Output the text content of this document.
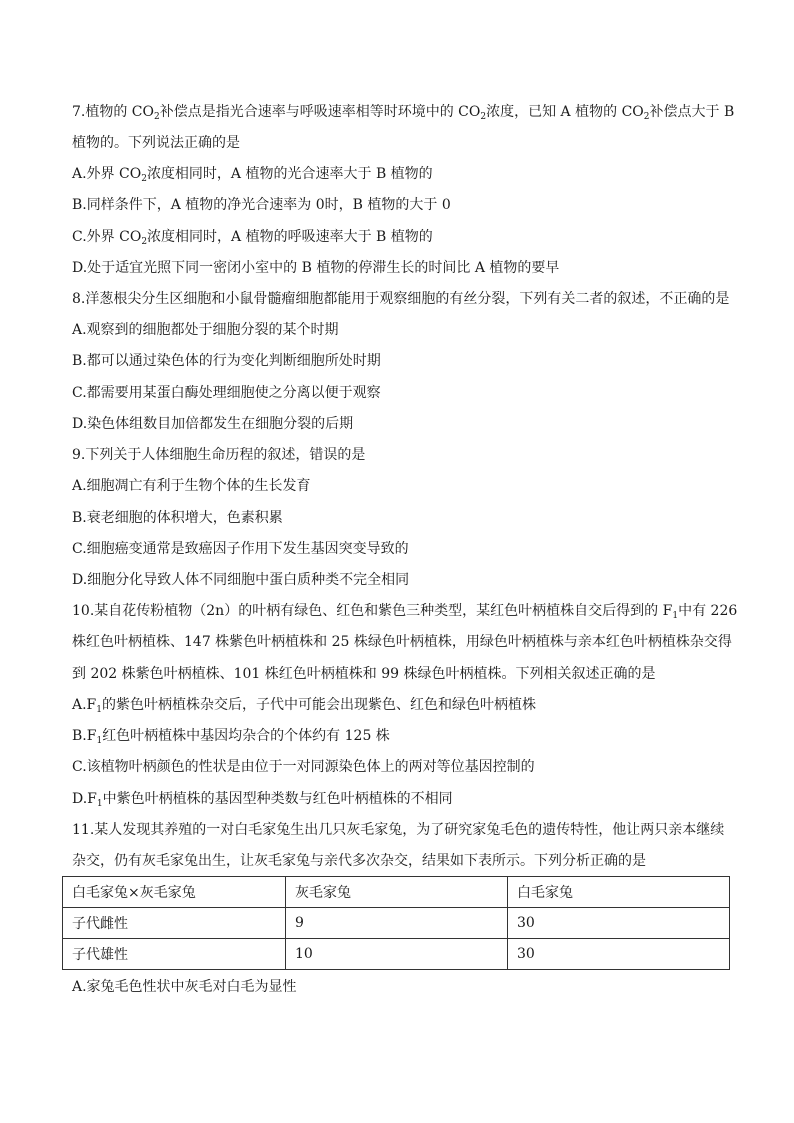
7.植物的 $CO_2$补偿点是指光合速率与呼吸速率相等时环境中的 $CO_2$浓度，已知 A 植物的 $CO_2$补偿点大于 B
植物的。下列说法正确的是
A.外界 $CO_2$浓度相同时，A 植物的光合速率大于 B 植物的
B.同样条件下，A 植物的净光合速率为 0时，B 植物的大于 0
C.外界 $CO_2$浓度相同时，A 植物的呼吸速率大于 B 植物的
D.处于适宜光照下同一密闭小室中的 B 植物的停滞生长的时间比 A 植物的要早
8.洋葱根尖分生区细胞和小鼠骨髓瘤细胞都能用于观察细胞的有丝分裂，下列有关二者的叙述，不正确的是
A.观察到的细胞都处于细胞分裂的某个时期
B.都可以通过染色体的行为变化判断细胞所处时期
C.都需要用某蛋白酶处理细胞使之分离以便于观察
D.染色体组数目加倍都发生在细胞分裂的后期
9.下列关于人体细胞生命历程的叙述，错误的是
A.细胞凋亡有利于生物个体的生长发育
B.衰老细胞的体积增大，色素积累
C.细胞癌变通常是致癌因子作用下发生基因突变导致的
D.细胞分化导致人体不同细胞中蛋白质种类不完全相同
10.某自花传粉植物（2n）的叶柄有绿色、红色和紫色三种类型，某红色叶柄植株自交后得到的 $F_1$中有 226
株红色叶柄植株、147 株紫色叶柄植株和 25 株绿色叶柄植株，用绿色叶柄植株与亲本红色叶柄植株杂交得
到 202 株紫色叶柄植株、101 株红色叶柄植株和 99 株绿色叶柄植株。下列相关叙述正确的是
$A.F_1$的紫色叶柄植株杂交后，子代中可能会出现紫色、红色和绿色叶柄植株
$B.F_1$红色叶柄植株中基因均杂合的个体约有 125 株
C.该植物叶柄颜色的性状是由位于一对同源染色体上的两对等位基因控制的
$D.F_1$中紫色叶柄植株的基因型种类数与红色叶柄植株的不相同
11.某人发现其养殖的一对白毛家兔生出几只灰毛家兔，为了研究家兔毛色的遗传特性，他让两只亲本继续
杂交，仍有灰毛家兔出生，让灰毛家兔与亲代多次杂交，结果如下表所示。下列分析正确的是
白毛家兔×灰毛家兔	灰毛家兔	白毛家兔
子代雌性	9	30
子代雄性	10	30
A.家兔毛色性状中灰毛对白毛为显性
